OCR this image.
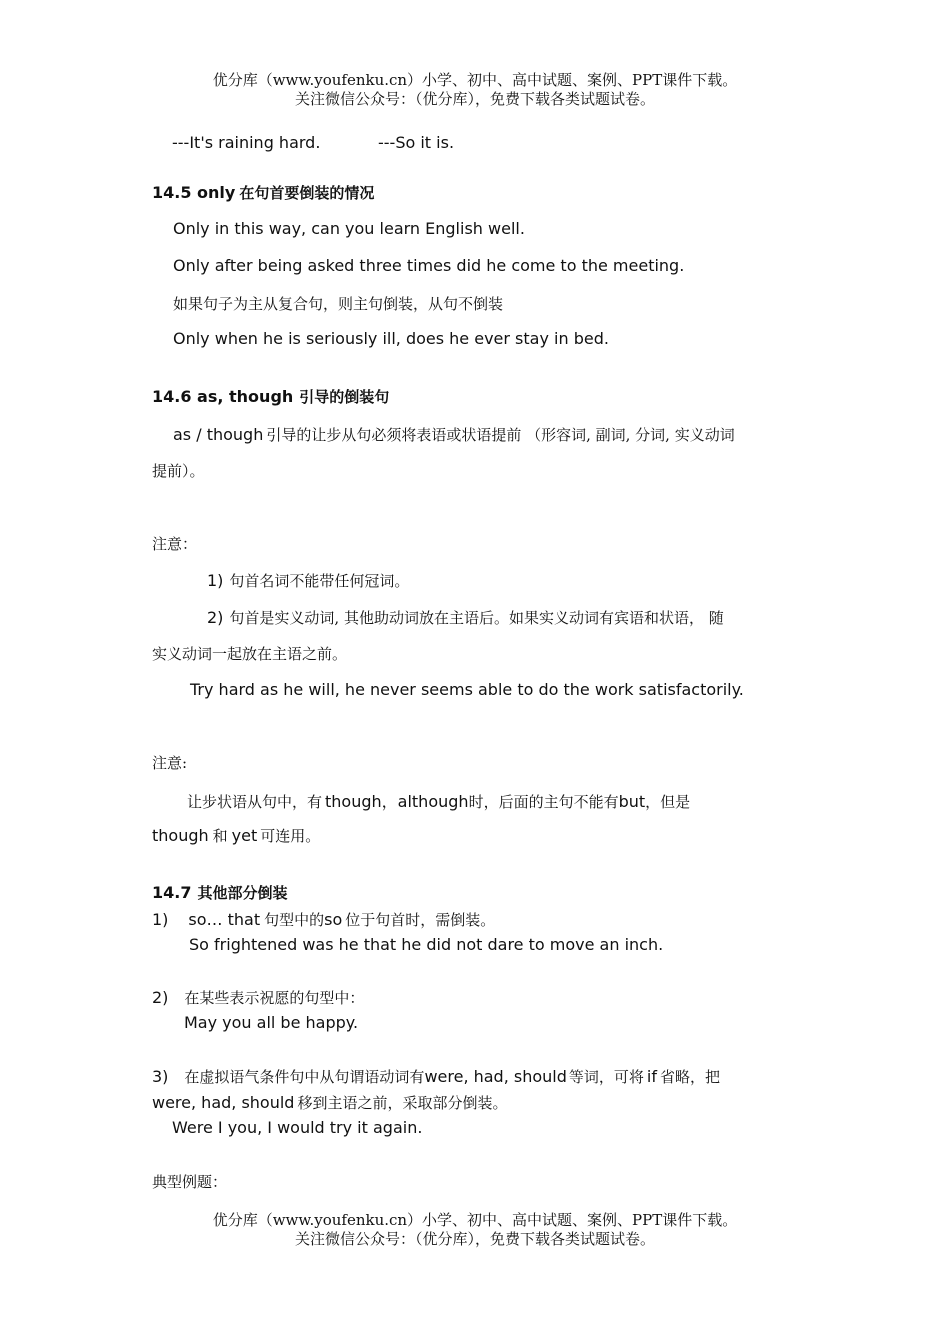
优分库（www.youfenku.cn）小学、初中、高中试题、案例、PPT课件下载。
关注微信公众号：（优分库），免费下载各类试题试卷。
---It's raining hard.	---So it is.
14.5 only 在句首要倒装的情况
Only in this way, can you learn English well.
Only after being asked three times did he come to the meeting.
如果句子为主从复合句，则主句倒装，从句不倒装
Only when he is seriously ill, does he ever stay in bed.
14.6 as, though 引导的倒装句
as / though 引导的让步从句必须将表语或状语提前 （形容词, 副词, 分词, 实义动词
提前）。
注意：
1) 句首名词不能带任何冠词。
2) 句首是实义动词, 其他助动词放在主语后。如果实义动词有宾语和状语， 随
实义动词一起放在主语之前。
Try hard as he will, he never seems able to do the work satisfactorily.
注意:
让步状语从句中，有 though，although时，后面的主句不能有but，但是
though 和 yet 可连用。
14.7 其他部分倒装
1) so… that 句型中的so 位于句首时，需倒装。
So frightened was he that he did not dare to move an inch.
2) 在某些表示祝愿的句型中：
May you all be happy.
3) 在虚拟语气条件句中从句谓语动词有were, had, should 等词，可将 if 省略，把
were, had, should 移到主语之前，采取部分倒装。
Were I you, I would try it again.
典型例题：
优分库（www.youfenku.cn）小学、初中、高中试题、案例、PPT课件下载。
关注微信公众号：（优分库），免费下载各类试题试卷。
